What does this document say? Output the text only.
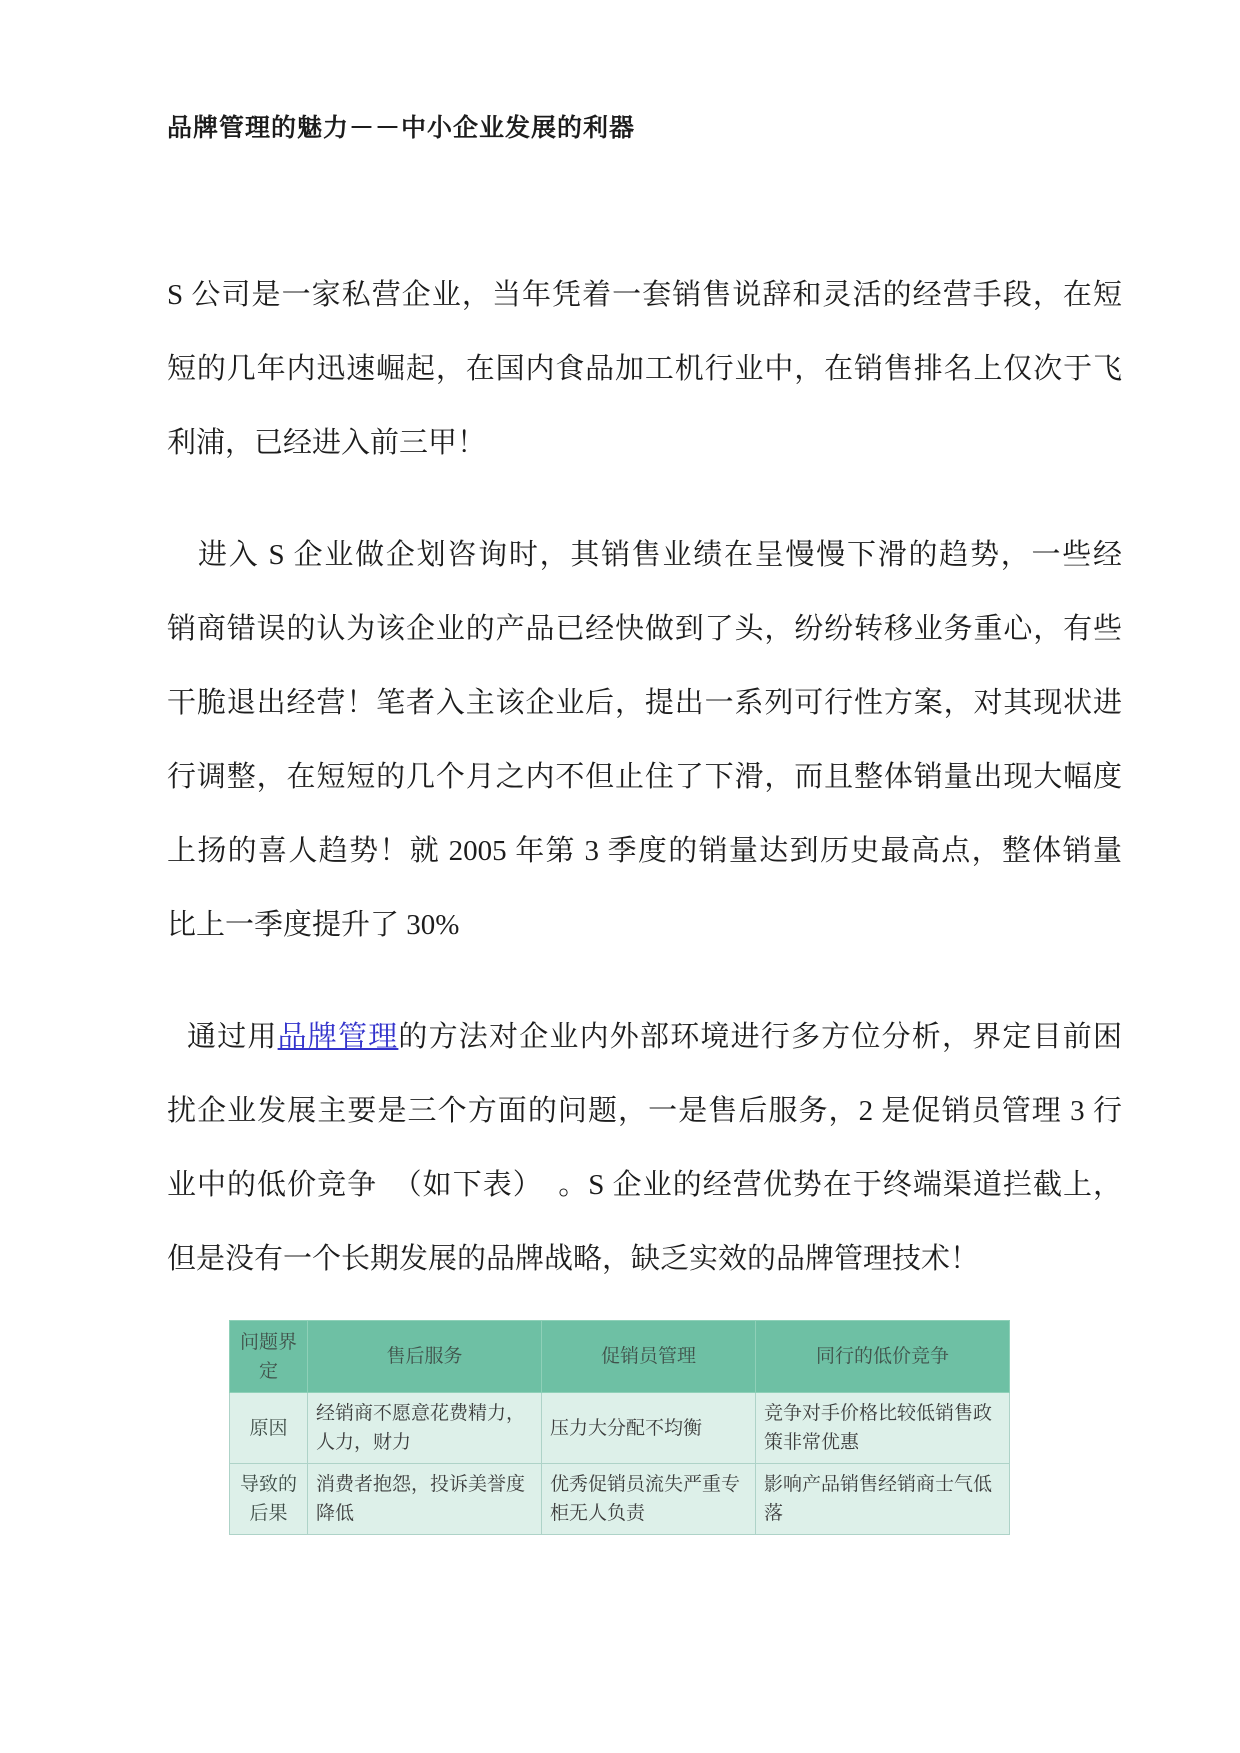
品牌管理的魅力－－中小企业发展的利器
S 公司是一家私营企业，当年凭着一套销售说辞和灵活的经营手段，在短
短的几年内迅速崛起，在国内食品加工机行业中，在销售排名上仅次于飞
利浦，已经进入前三甲！
进入 S 企业做企划咨询时，其销售业绩在呈慢慢下滑的趋势，一些经
销商错误的认为该企业的产品已经快做到了头，纷纷转移业务重心，有些
干脆退出经营！笔者入主该企业后，提出一系列可行性方案，对其现状进
行调整，在短短的几个月之内不但止住了下滑，而且整体销量出现大幅度
上扬的喜人趋势！就 2005 年第 3 季度的销量达到历史最高点，整体销量
比上一季度提升了 30%
通过用品牌管理的方法对企业内外部环境进行多方位分析，界定目前困
扰企业发展主要是三个方面的问题，一是售后服务，2 是促销员管理 3 行
业中的低价竞争　（如下表）　。S 企业的经营优势在于终端渠道拦截上，
但是没有一个长期发展的品牌战略，缺乏实效的品牌管理技术！
问题界定	售后服务	促销员管理	同行的低价竞争
原因	经销商不愿意花费精力，人力，财力	压力大分配不均衡	竞争对手价格比较低销售政策非常优惠
导致的后果	消费者抱怨，投诉美誉度降低	优秀促销员流失严重专柜无人负责	影响产品销售经销商士气低落
